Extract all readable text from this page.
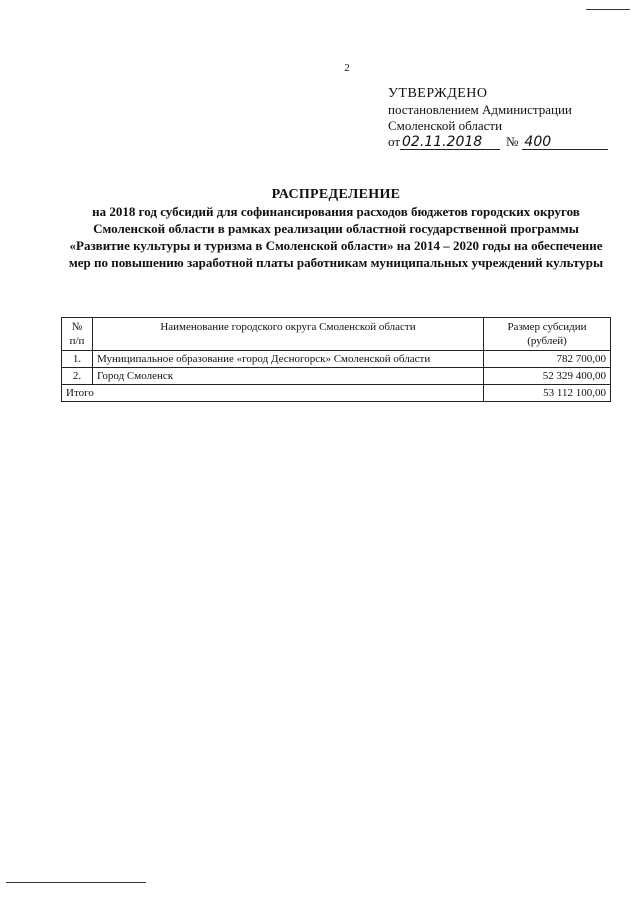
2
УТВЕРЖДЕНО
постановлением Администрации
Смоленской области
от 02.11.2018	№ 400
РАСПРЕДЕЛЕНИЕ
на 2018 год субсидий для софинансирования расходов бюджетов городских округов Смоленской области в рамках реализации областной государственной программы «Развитие культуры и туризма в Смоленской области» на 2014 – 2020 годы на обеспечение мер по повышению заработной платы работникам муниципальных учреждений культуры
№ п/п	Наименование городского округа Смоленской области	Размер субсидии (рублей)
1.	Муниципальное образование «город Десногорск» Смоленской области	782 700,00
2.	Город Смоленск	52 329 400,00
Итого		53 112 100,00
